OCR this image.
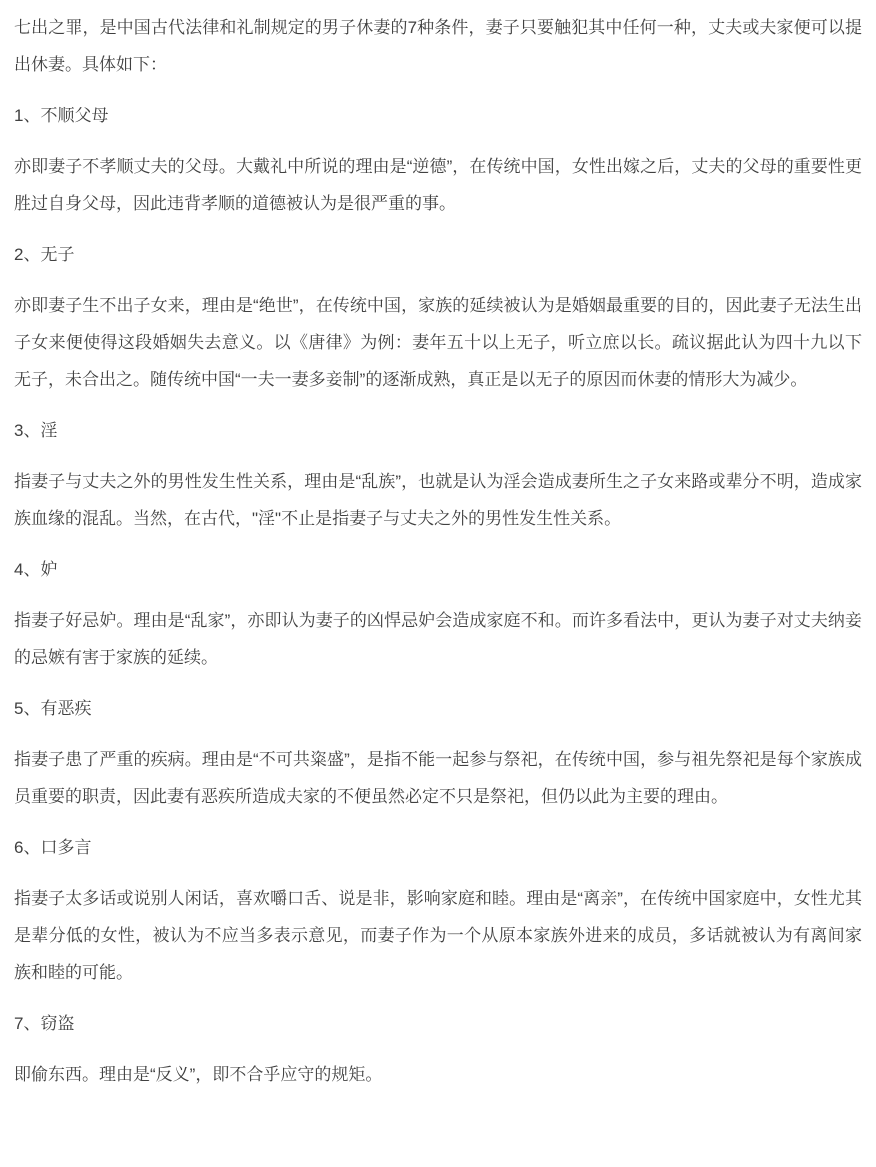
七出之罪，是中国古代法律和礼制规定的男子休妻的7种条件，妻子只要触犯其中任何一种，丈夫或夫家便可以提出休妻。具体如下：

1、不顺父母

亦即妻子不孝顺丈夫的父母。大戴礼中所说的理由是“逆德”，在传统中国，女性出嫁之后，丈夫的父母的重要性更胜过自身父母，因此违背孝顺的道德被认为是很严重的事。

2、无子

亦即妻子生不出子女来，理由是“绝世”，在传统中国，家族的延续被认为是婚姻最重要的目的，因此妻子无法生出子女来便使得这段婚姻失去意义。以《唐律》为例：妻年五十以上无子，听立庶以长。疏议据此认为四十九以下无子，未合出之。随传统中国“一夫一妻多妾制”的逐渐成熟，真正是以无子的原因而休妻的情形大为减少。

3、淫

指妻子与丈夫之外的男性发生性关系，理由是“乱族”，也就是认为淫会造成妻所生之子女来路或辈分不明，造成家族血缘的混乱。当然，在古代，"淫"不止是指妻子与丈夫之外的男性发生性关系。

4、妒

指妻子好忌妒。理由是“乱家”，亦即认为妻子的凶悍忌妒会造成家庭不和。而许多看法中，更认为妻子对丈夫纳妾的忌嫉有害于家族的延续。

5、有恶疾

指妻子患了严重的疾病。理由是“不可共粢盛”，是指不能一起参与祭祀，在传统中国，参与祖先祭祀是每个家族成员重要的职责，因此妻有恶疾所造成夫家的不便虽然必定不只是祭祀，但仍以此为主要的理由。

6、口多言

指妻子太多话或说别人闲话，喜欢嚼口舌、说是非，影响家庭和睦。理由是“离亲”，在传统中国家庭中，女性尤其是辈分低的女性，被认为不应当多表示意见，而妻子作为一个从原本家族外进来的成员，多话就被认为有离间家族和睦的可能。

7、窃盗

即偷东西。理由是“反义”，即不合乎应守的规矩。
